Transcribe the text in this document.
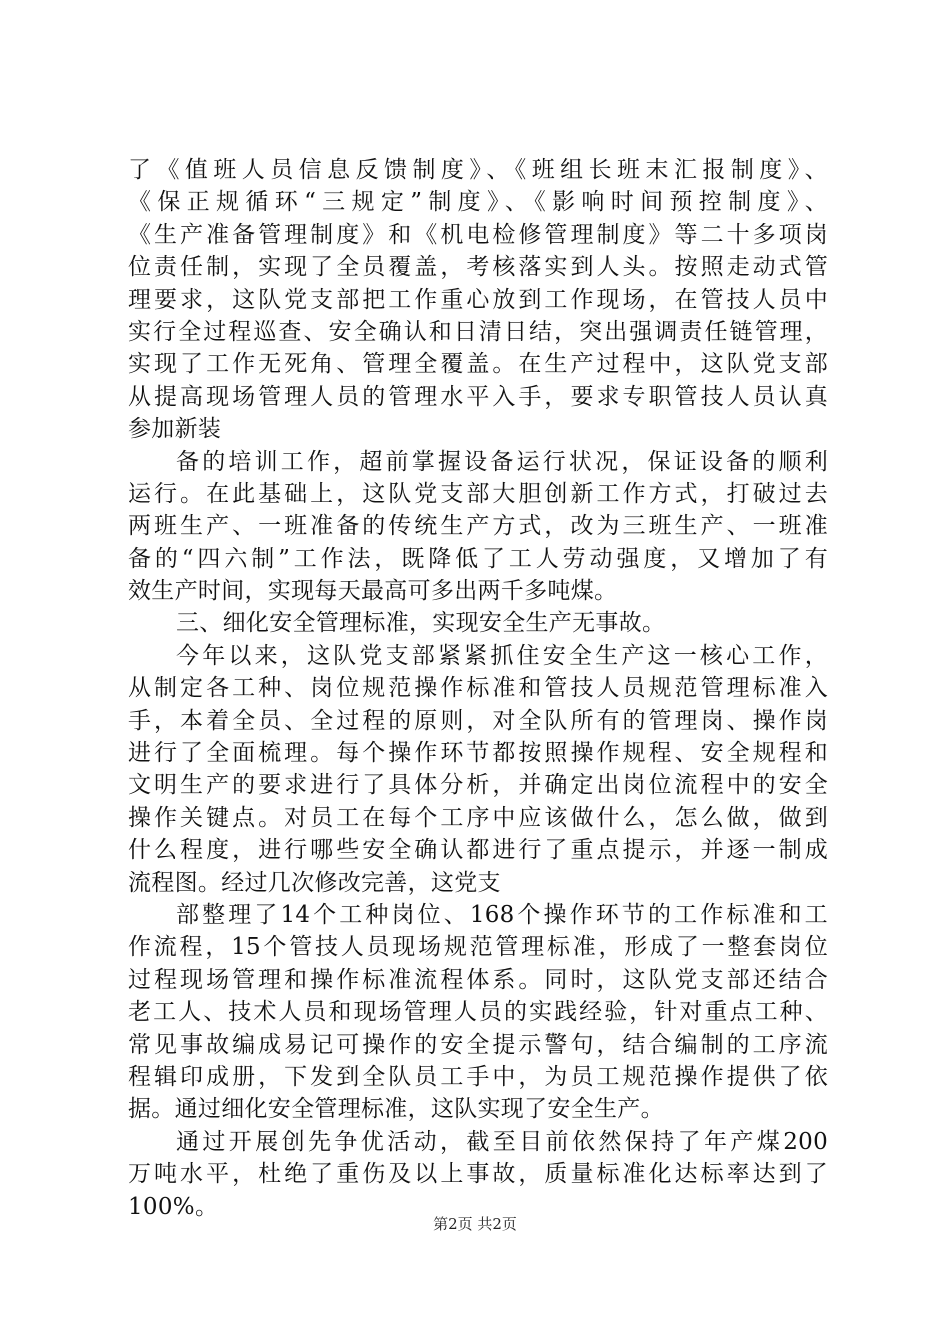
了《值班人员信息反馈制度》、《班组长班末汇报制度》、
《保正规循环“三规定”制度》、《影响时间预控制度》、
《生产准备管理制度》和《机电检修管理制度》等二十多项岗
位责任制，实现了全员覆盖，考核落实到人头。按照走动式管
理要求，这队党支部把工作重心放到工作现场，在管技人员中
实行全过程巡查、安全确认和日清日结，突出强调责任链管理，
实现了工作无死角、管理全覆盖。在生产过程中，这队党支部
从提高现场管理人员的管理水平入手，要求专职管技人员认真
参加新装
备的培训工作，超前掌握设备运行状况，保证设备的顺利
运行。在此基础上，这队党支部大胆创新工作方式，打破过去
两班生产、一班准备的传统生产方式，改为三班生产、一班准
备的“四六制”工作法，既降低了工人劳动强度，又增加了有
效生产时间，实现每天最高可多出两千多吨煤。
三、细化安全管理标准，实现安全生产无事故。
今年以来，这队党支部紧紧抓住安全生产这一核心工作，
从制定各工种、岗位规范操作标准和管技人员规范管理标准入
手，本着全员、全过程的原则，对全队所有的管理岗、操作岗
进行了全面梳理。每个操作环节都按照操作规程、安全规程和
文明生产的要求进行了具体分析，并确定出岗位流程中的安全
操作关键点。对员工在每个工序中应该做什么，怎么做，做到
什么程度，进行哪些安全确认都进行了重点提示，并逐一制成
流程图。经过几次修改完善，这党支
部整理了14个工种岗位、168个操作环节的工作标准和工
作流程，15个管技人员现场规范管理标准，形成了一整套岗位
过程现场管理和操作标准流程体系。同时，这队党支部还结合
老工人、技术人员和现场管理人员的实践经验，针对重点工种、
常见事故编成易记可操作的安全提示警句，结合编制的工序流
程辑印成册，下发到全队员工手中，为员工规范操作提供了依
据。通过细化安全管理标准，这队实现了安全生产。
通过开展创先争优活动，截至目前依然保持了年产煤200
万吨水平，杜绝了重伤及以上事故，质量标准化达标率达到了
100%。
第2页 共2页
